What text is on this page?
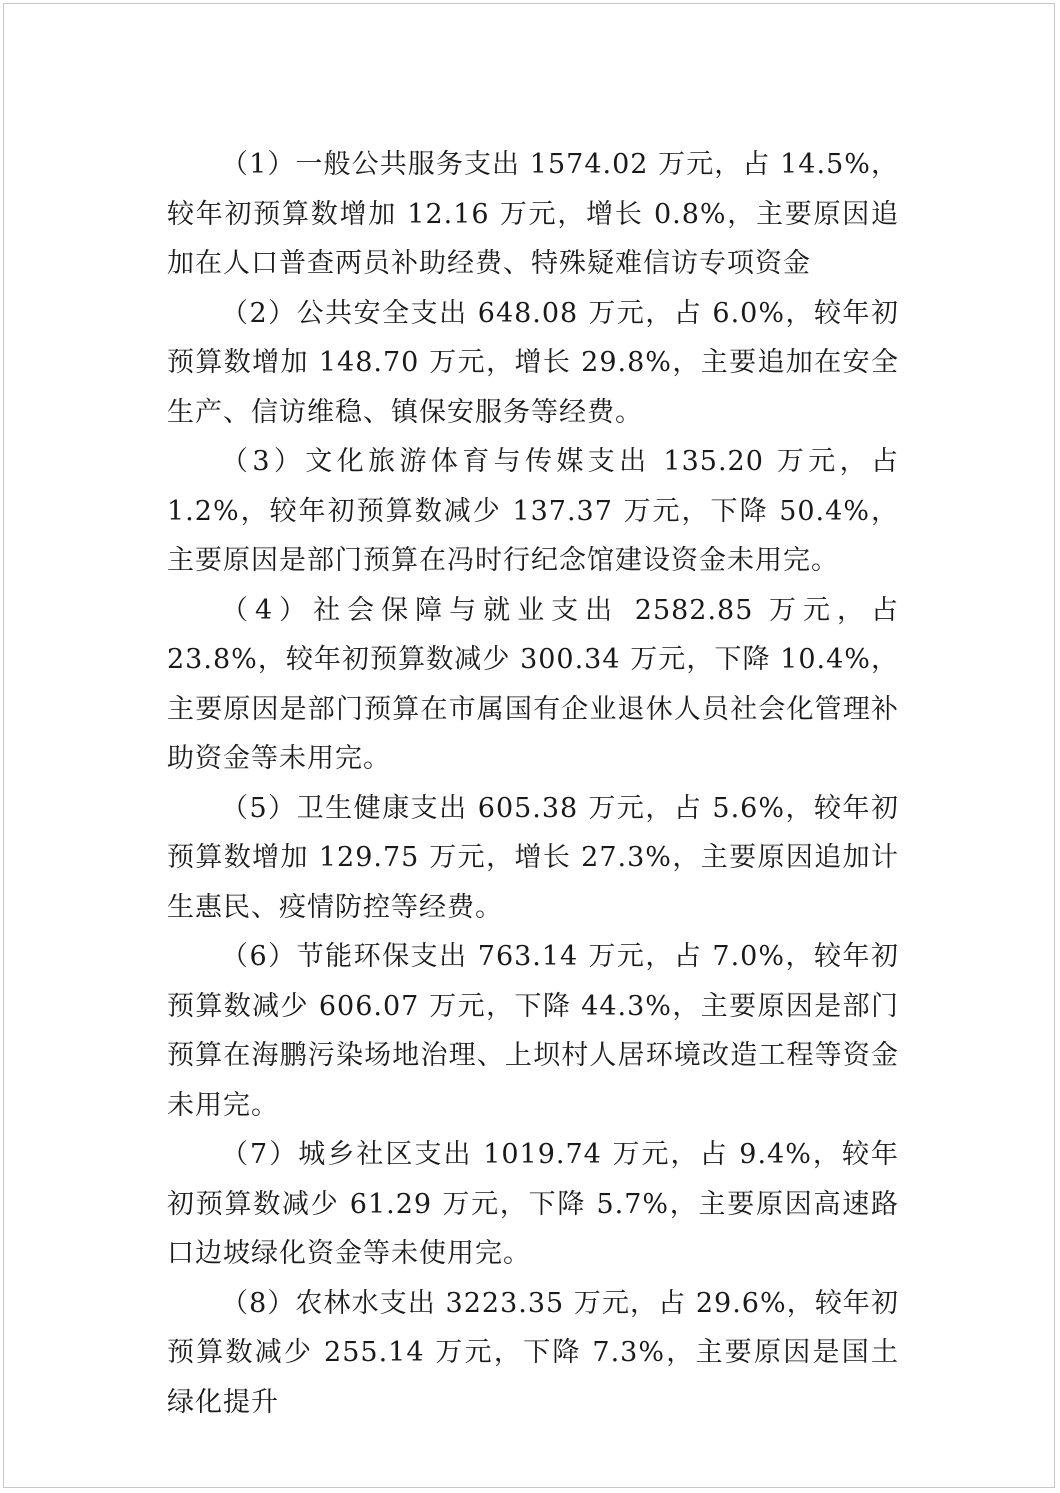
（1）一般公共服务支出 1574.02 万元，占 14.5%，较年初预算数增加 12.16 万元，增长 0.8%，主要原因追加在人口普查两员补助经费、特殊疑难信访专项资金

（2）公共安全支出 648.08 万元，占 6.0%，较年初预算数增加 148.70 万元，增长 29.8%，主要追加在安全生产、信访维稳、镇保安服务等经费。

（3）文化旅游体育与传媒支出 135.20 万元，占 1.2%，较年初预算数减少 137.37 万元，下降 50.4%，主要原因是部门预算在冯时行纪念馆建设资金未用完。

（4）社会保障与就业支出 2582.85 万元，占 23.8%，较年初预算数减少 300.34 万元，下降 10.4%，主要原因是部门预算在市属国有企业退休人员社会化管理补助资金等未用完。

（5）卫生健康支出 605.38 万元，占 5.6%，较年初预算数增加 129.75 万元，增长 27.3%，主要原因追加计生惠民、疫情防控等经费。

（6）节能环保支出 763.14 万元，占 7.0%，较年初预算数减少 606.07 万元，下降 44.3%，主要原因是部门预算在海鹏污染场地治理、上坝村人居环境改造工程等资金未用完。

（7）城乡社区支出 1019.74 万元，占 9.4%，较年初预算数减少 61.29 万元，下降 5.7%，主要原因高速路口边坡绿化资金等未使用完。

（8）农林水支出 3223.35 万元，占 29.6%，较年初预算数减少 255.14 万元，下降 7.3%，主要原因是国土绿化提升
